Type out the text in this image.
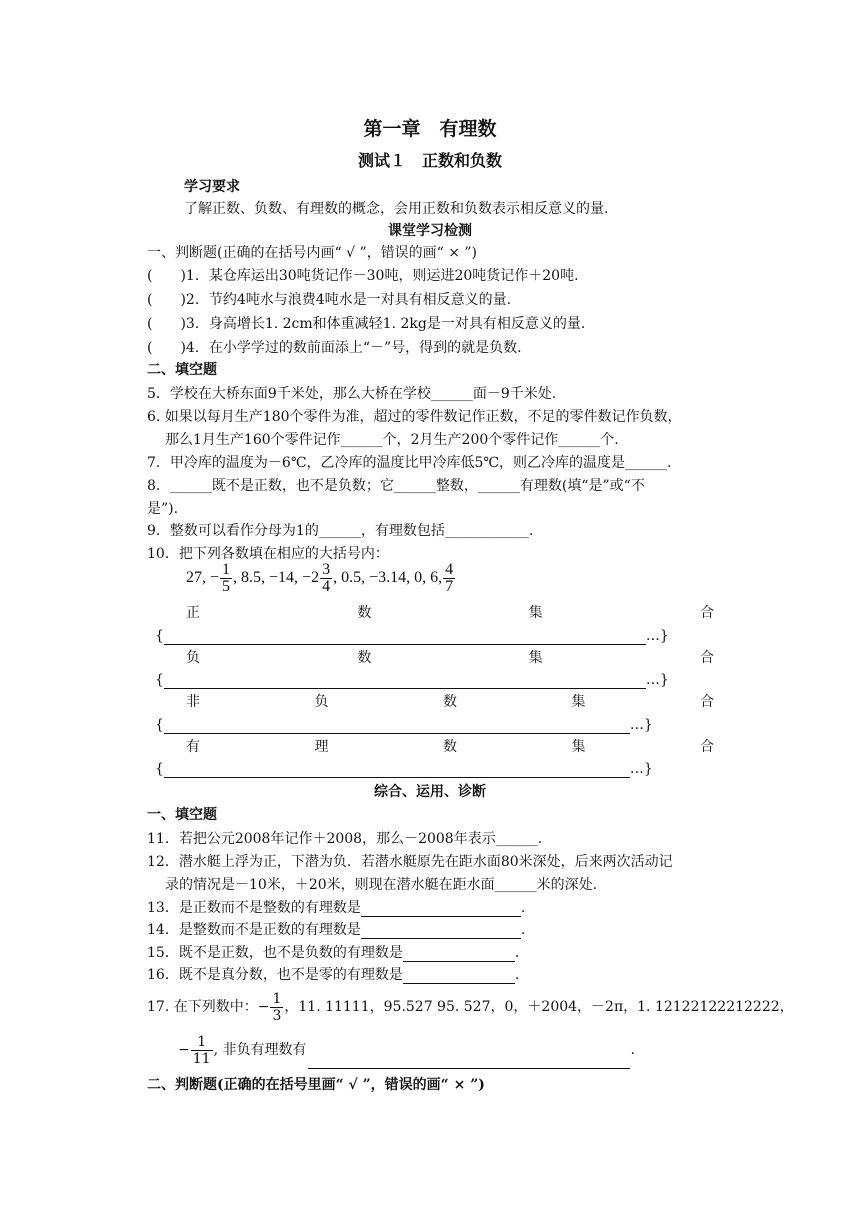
第一章　有理数
测试１　正数和负数
学习要求
了解正数、负数、有理数的概念，会用正数和负数表示相反意义的量.
课堂学习检测
一、判断题(正确的在括号内画“ √ ”，错误的画“ × ”)
(　　)1．某仓库运出30吨货记作－30吨，则运进20吨货记作＋20吨.
(　　)2．节约4吨水与浪费4吨水是一对具有相反意义的量.
(　　)3．身高增长1. 2cm和体重减轻1. 2kg是一对具有相反意义的量.
(　　)4．在小学学过的数前面添上“－”号，得到的就是负数.
二、填空题
5．学校在大桥东面9千米处，那么大桥在学校______面－9千米处.
6. 如果以每月生产180个零件为准，超过的零件数记作正数，不足的零件数记作负数，
那么1月生产160个零件记作______个，2月生产200个零件记作______个.
7．甲冷库的温度为－6℃，乙冷库的温度比甲冷库低5℃，则乙冷库的温度是______.
8．______既不是正数，也不是负数；它______整数，______有理数(填“是”或“不
是”).
9．整数可以看作分母为1的______，有理数包括____________.
10．把下列各数填在相应的大括号内：
27, − $\frac{1}{5}$ , 8.5, −14, $-2 \frac{3}{4}$ , 0.5, −3.14, 0, 6, $\frac{4}{7}$
正	数	集	合
{	…}
负	数	集	合
{	…}
非	负	数	集	合
{	…}
有	理	数	集	合
{	…}
综合、运用、诊断
一、填空题
11．若把公元2008年记作＋2008，那么－2008年表示______.
12．潜水艇上浮为正，下潜为负．若潜水艇原先在距水面80米深处，后来两次活动记
录的情况是－10米，＋20米，则现在潜水艇在距水面______米的深处.
13．是正数而不是整数的有理数是	.
14．是整数而不是正数的有理数是	.
15．既不是正数，也不是负数的有理数是	.
16．既不是真分数，也不是零的有理数是	.
17. 在下列数中：− $\frac{1}{3}$ ，11. 11111，95.527 95. 527，0，＋2004，－2π，1. 12122122212222，
− $\frac{1}{11}$ , 非负有理数有	.
二、判断题(正确的在括号里画“ √ ”，错误的画“ × ”)
